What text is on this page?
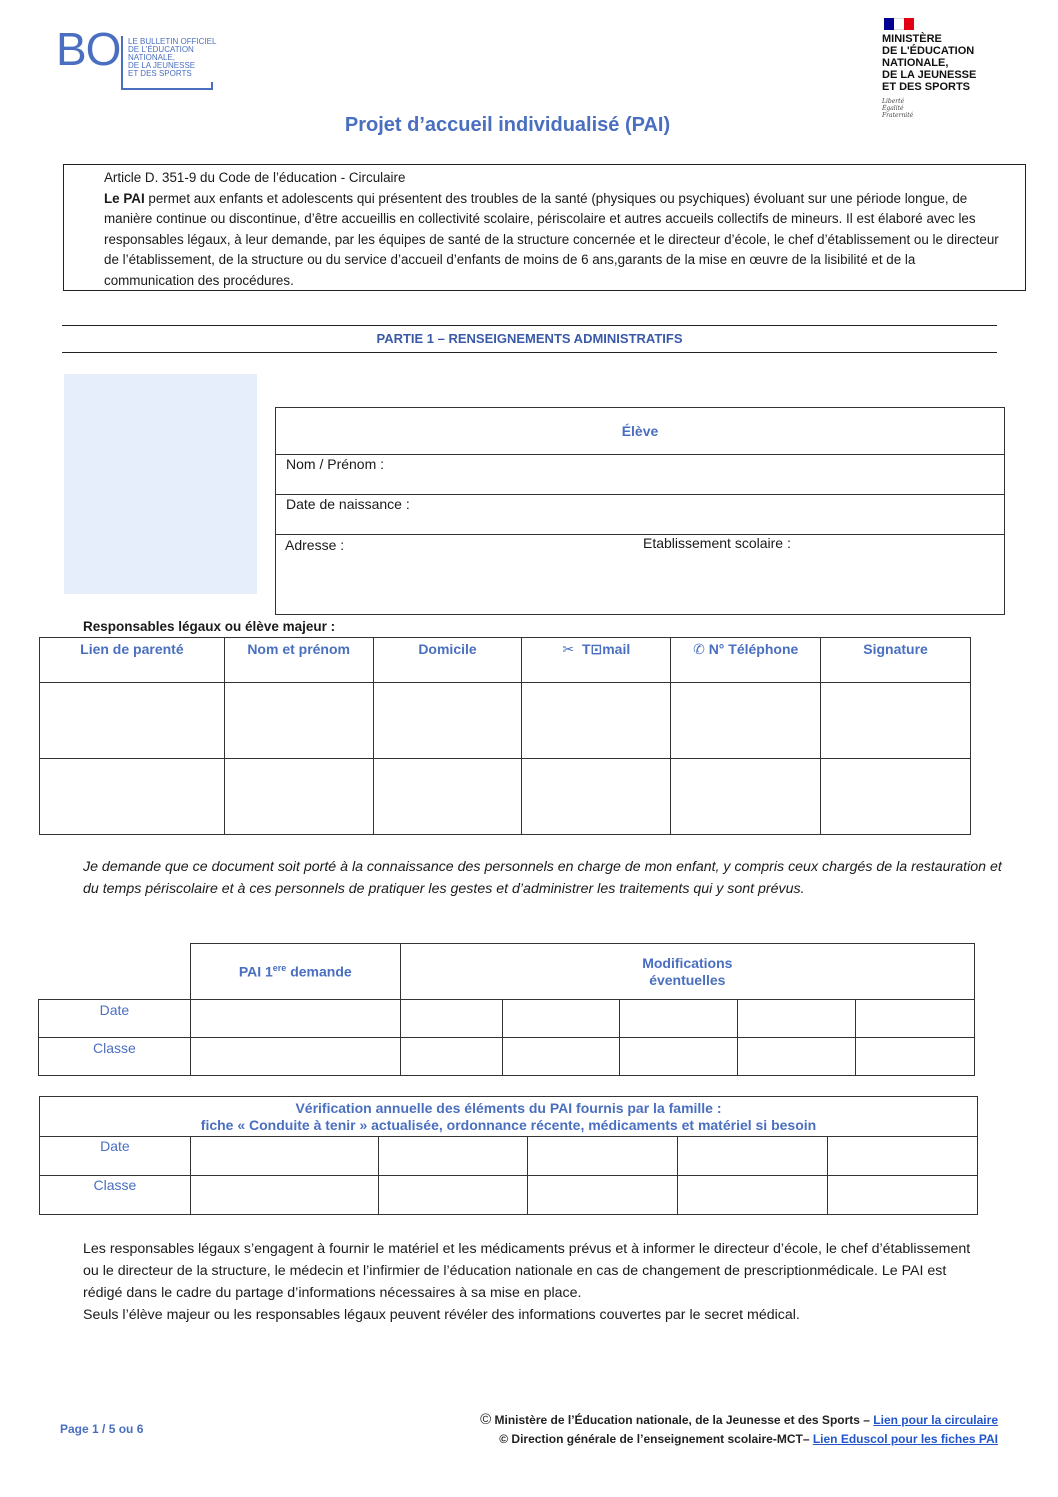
BO LE BULLETIN OFFICIEL
DE L'ÉDUCATION
NATIONALE,
DE LA JEUNESSE
ET DES SPORTS
MINISTÈRE
DE L'ÉDUCATION
NATIONALE,
DE LA JEUNESSE
ET DES SPORTS
Liberté
Égalité
Fraternité
Projet d’accueil individualisé (PAI)
Article D. 351-9 du Code de l’éducation - Circulaire
Le PAI permet aux enfants et adolescents qui présentent des troubles de la santé (physiques ou psychiques) évoluant sur une période longue, de manière continue ou discontinue, d’être accueillis en collectivité scolaire, périscolaire et autres accueils collectifs de mineurs. Il est élaboré avec les responsables légaux, à leur demande, par les équipes de santé de la structure concernée et le directeur d’école, le chef d’établissement ou le directeur de l’établissement, de la structure ou du service d’accueil d’enfants de moins de 6 ans,garants de la mise en œuvre de la lisibilité et de la communication des procédures.
PARTIE 1 – RENSEIGNEMENTS ADMINISTRATIFS
Élève
Nom / Prénom :
Date de naissance :
Adresse :	Etablissement scolaire :
Responsables légaux ou élève majeur :
Lien de parenté	Nom et prénom	Domicile	✂︎ T⊡mail	✆ N° Téléphone	Signature

Je demande que ce document soit porté à la connaissance des personnels en charge de mon enfant, y compris ceux chargés de la restauration et du temps périscolaire et à ces personnels de pratiquer les gestes et d’administrer les traitements qui y sont prévus.
	PAI 1ere demande	Modifications
éventuelles				

Date						
Classe						
Vérification annuelle des éléments du PAI fournis par la famille :
fiche « Conduite à tenir » actualisée, ordonnance récente, médicaments et matériel si besoin					

Date					
Classe					
Les responsables légaux s’engagent à fournir le matériel et les médicaments prévus et à informer le directeur d’école, le chef d’établissement ou le directeur de la structure, le médecin et l’infirmier de l’éducation nationale en cas de changement de prescriptionmédicale. Le PAI est rédigé dans le cadre du partage d’informations nécessaires à sa mise en place.
Seuls l’élève majeur ou les responsables légaux peuvent révéler des informations couvertes par le secret médical.
Page 1 / 5 ou 6
© Ministère de l’Éducation nationale, de la Jeunesse et des Sports – Lien pour la circulaire
© Direction générale de l’enseignement scolaire-MCT– Lien Eduscol pour les fiches PAI
